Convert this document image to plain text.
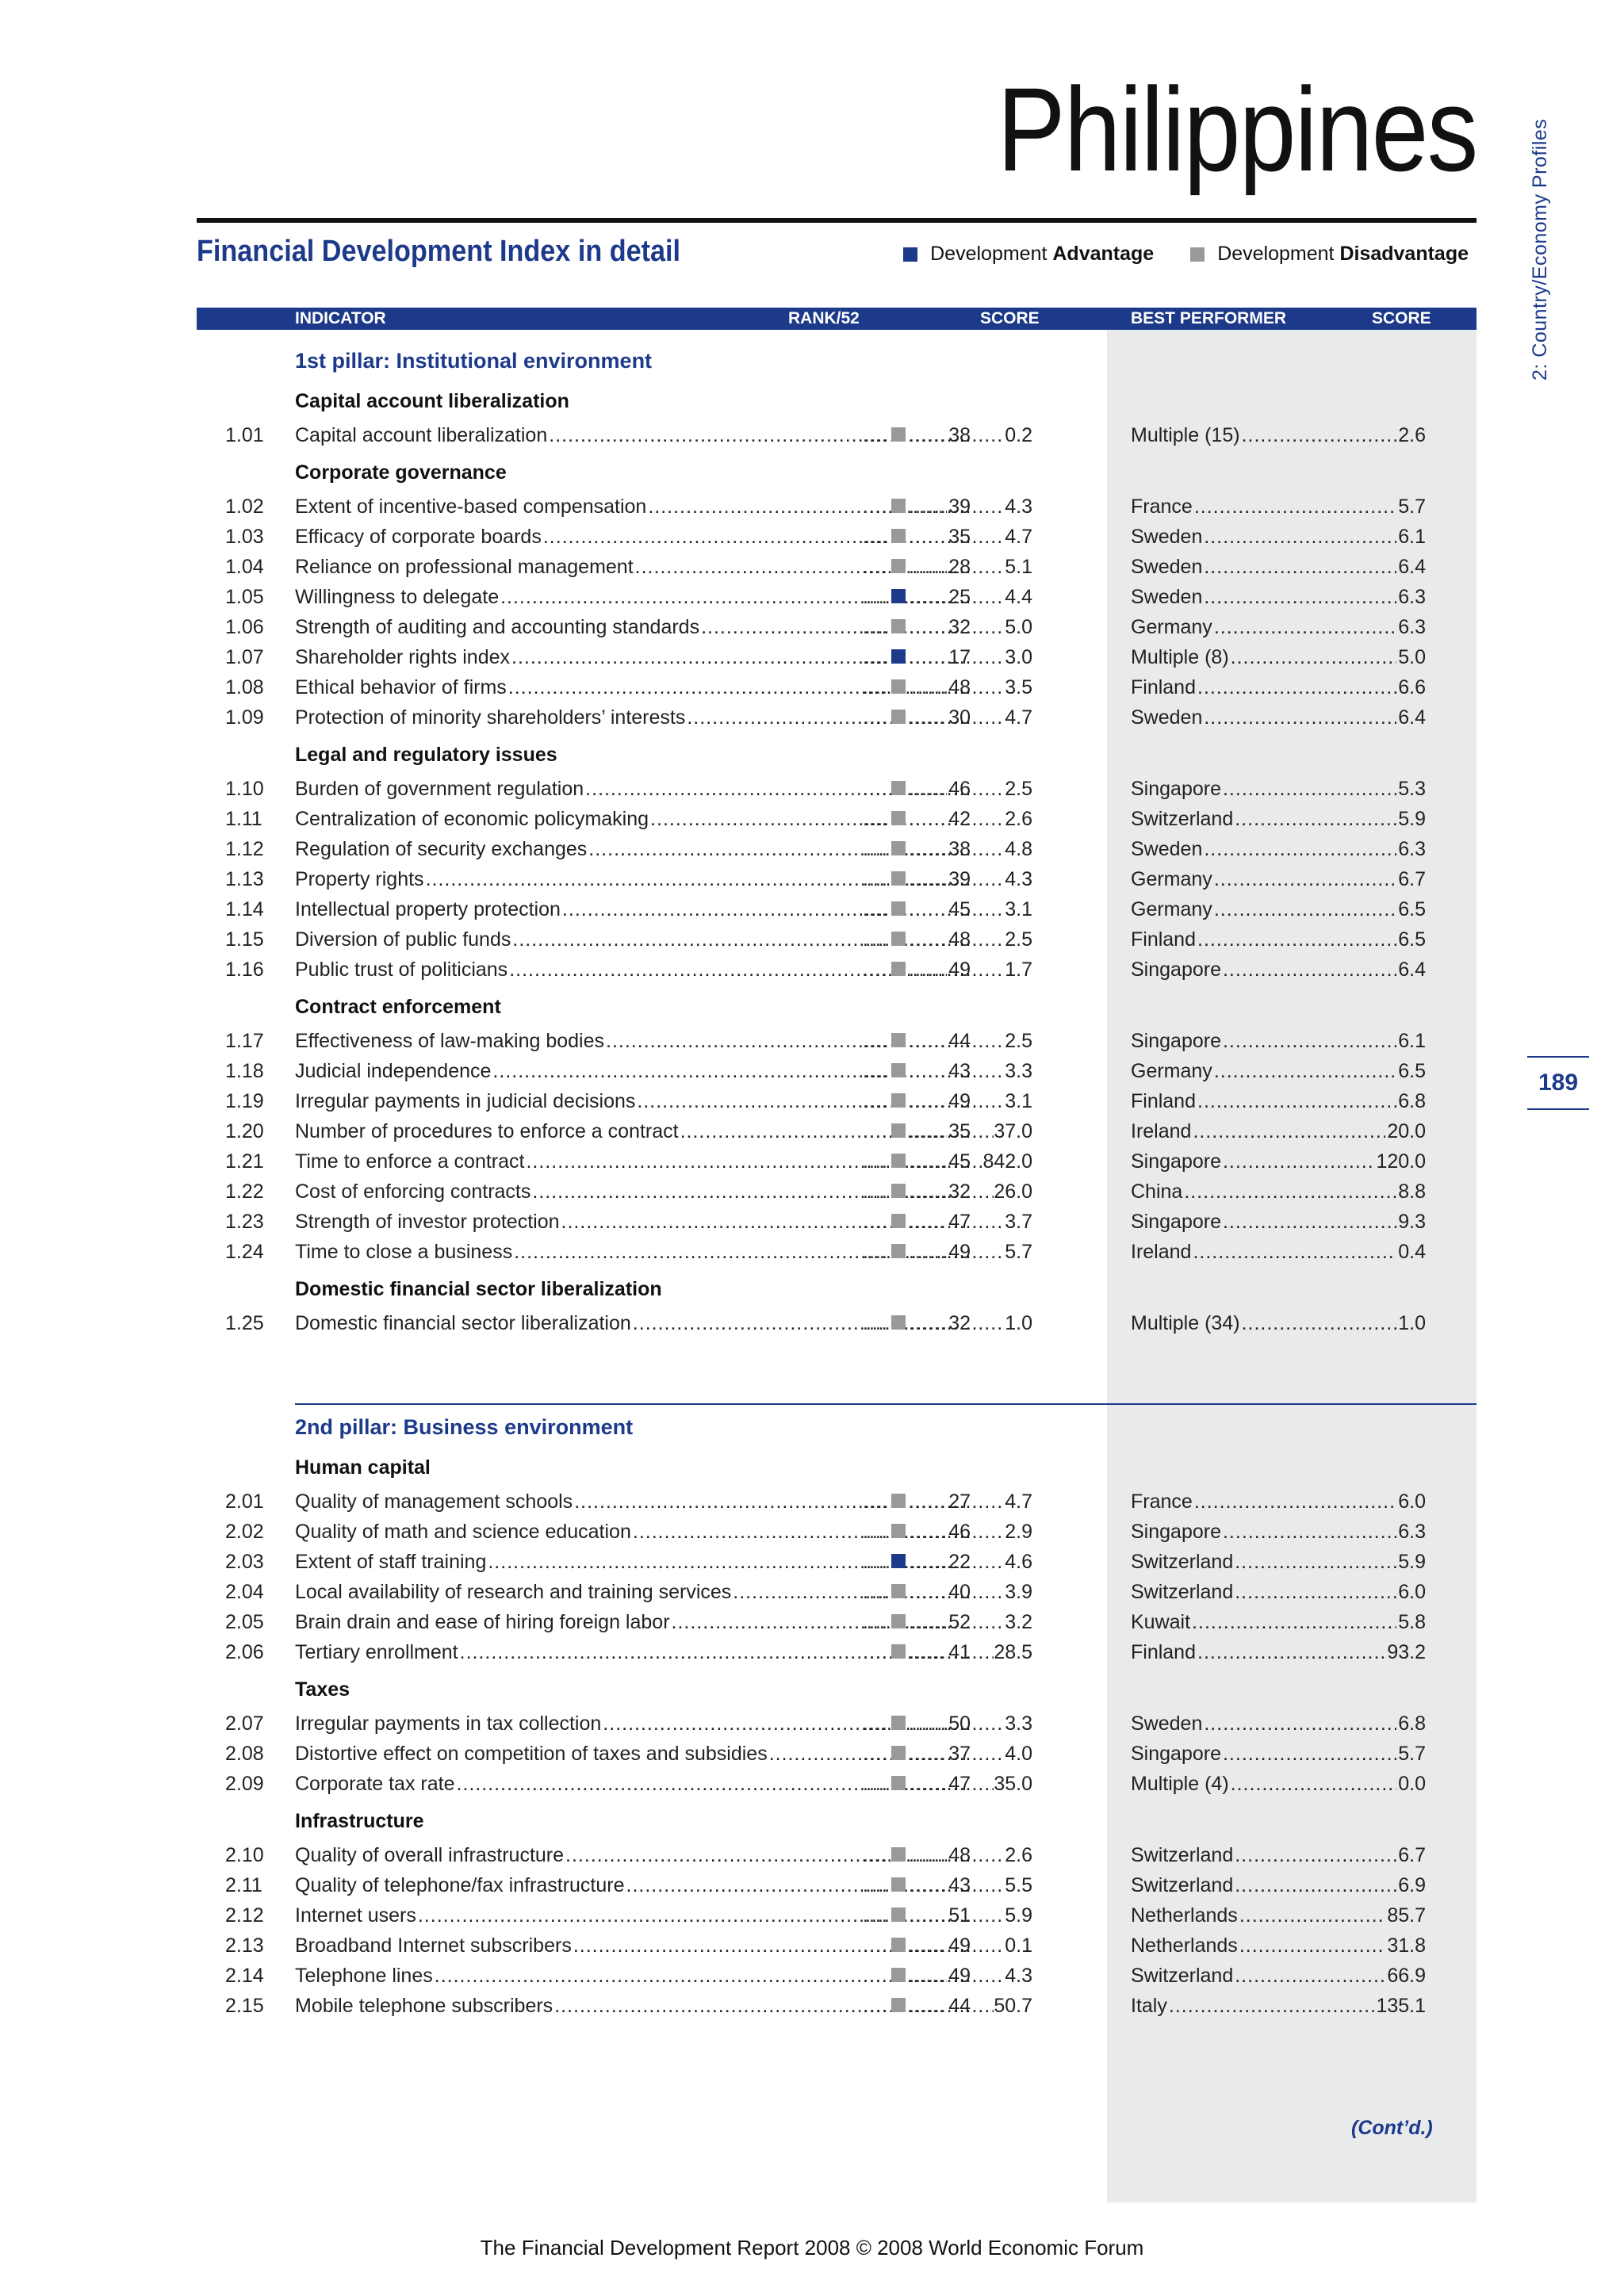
Philippines
Financial Development Index in detail	Development Advantage	Development Disadvantage	2: Country/Economy Profiles
189
INDICATOR	RANK/52	SCORE	BEST PERFORMER	SCORE
1st pillar: Institutional environment
Capital account liberalization
1.01 Capital account liberalization .....	38 ..... ..... 0.2	Multiple (15) .....	2.6
Corporate governance
1.02 Extent of incentive-based compensation .....	39 ..... ..... 4.3	France .....	5.7
1.03 Efficacy of corporate boards .....	35 ..... ..... 4.7	Sweden .....	6.1
1.04 Reliance on professional management .....	28 ..... ..... 5.1	Sweden .....	6.4
1.05 Willingness to delegate .....	25 ..... ..... 4.4	Sweden .....	6.3
1.06 Strength of auditing and accounting standards .....	32 ..... ..... 5.0	Germany .....	6.3
1.07 Shareholder rights index .....	17 ..... ..... 3.0	Multiple (8) .....	5.0
1.08 Ethical behavior of firms .....	48 ..... ..... 3.5	Finland .....	6.6
1.09 Protection of minority shareholders’ interests .....	30 ..... ..... 4.7	Sweden .....	6.4
Legal and regulatory issues
1.10 Burden of government regulation .....	46 ..... ..... 2.5	Singapore .....	5.3
1.11 Centralization of economic policymaking .....	42 ..... ..... 2.6	Switzerland .....	5.9
1.12 Regulation of security exchanges .....	38 ..... ..... 4.8	Sweden .....	6.3
1.13 Property rights .....	39 ..... ..... 4.3	Germany .....	6.7
1.14 Intellectual property protection .....	45 ..... ..... 3.1	Germany .....	6.5
1.15 Diversion of public funds .....	48 ..... ..... 2.5	Finland .....	6.5
1.16 Public trust of politicians .....	49 ..... ..... 1.7	Singapore .....	6.4
Contract enforcement
1.17 Effectiveness of law-making bodies .....	44 ..... ..... 2.5	Singapore .....	6.1
1.18 Judicial independence .....	43 ..... ..... 3.3	Germany .....	6.5
1.19 Irregular payments in judicial decisions .....	49 ..... ..... 3.1	Finland .....	6.8
1.20 Number of procedures to enforce a contract .....	35 ..... ..... 37.0	Ireland .....	20.0
1.21 Time to enforce a contract .....	45 ..... ..... 842.0	Singapore .....	120.0
1.22 Cost of enforcing contracts .....	32 ..... ..... 26.0	China .....	8.8
1.23 Strength of investor protection .....	47 ..... ..... 3.7	Singapore .....	9.3
1.24 Time to close a business .....	49 ..... ..... 5.7	Ireland .....	0.4
Domestic financial sector liberalization
1.25 Domestic financial sector liberalization .....	32 ..... ..... 1.0	Multiple (34) .....	1.0
2nd pillar: Business environment
Human capital
2.01 Quality of management schools .....	27 ..... ..... 4.7	France .....	6.0
2.02 Quality of math and science education .....	46 ..... ..... 2.9	Singapore .....	6.3
2.03 Extent of staff training .....	22 ..... ..... 4.6	Switzerland .....	5.9
2.04 Local availability of research and training services .....	40 ..... ..... 3.9	Switzerland .....	6.0
2.05 Brain drain and ease of hiring foreign labor .....	52 ..... ..... 3.2	Kuwait .....	5.8
2.06 Tertiary enrollment .....	41 ..... ..... 28.5	Finland .....	93.2
Taxes
2.07 Irregular payments in tax collection .....	50 ..... ..... 3.3	Sweden .....	6.8
2.08 Distortive effect on competition of taxes and subsidies .....	37 ..... ..... 4.0	Singapore .....	5.7
2.09 Corporate tax rate .....	47 ..... ..... 35.0	Multiple (4) .....	0.0
Infrastructure
2.10 Quality of overall infrastructure .....	48 ..... ..... 2.6	Switzerland .....	6.7
2.11 Quality of telephone/fax infrastructure .....	43 ..... ..... 5.5	Switzerland .....	6.9
2.12 Internet users .....	51 ..... ..... 5.9	Netherlands .....	85.7
2.13 Broadband Internet subscribers .....	49 ..... ..... 0.1	Netherlands .....	31.8
2.14 Telephone lines .....	49 ..... ..... 4.3	Switzerland .....	66.9
2.15 Mobile telephone subscribers .....	44 ..... ..... 50.7	Italy .....	135.1
(Cont’d.)
The Financial Development Report 2008 © 2008 World Economic Forum
